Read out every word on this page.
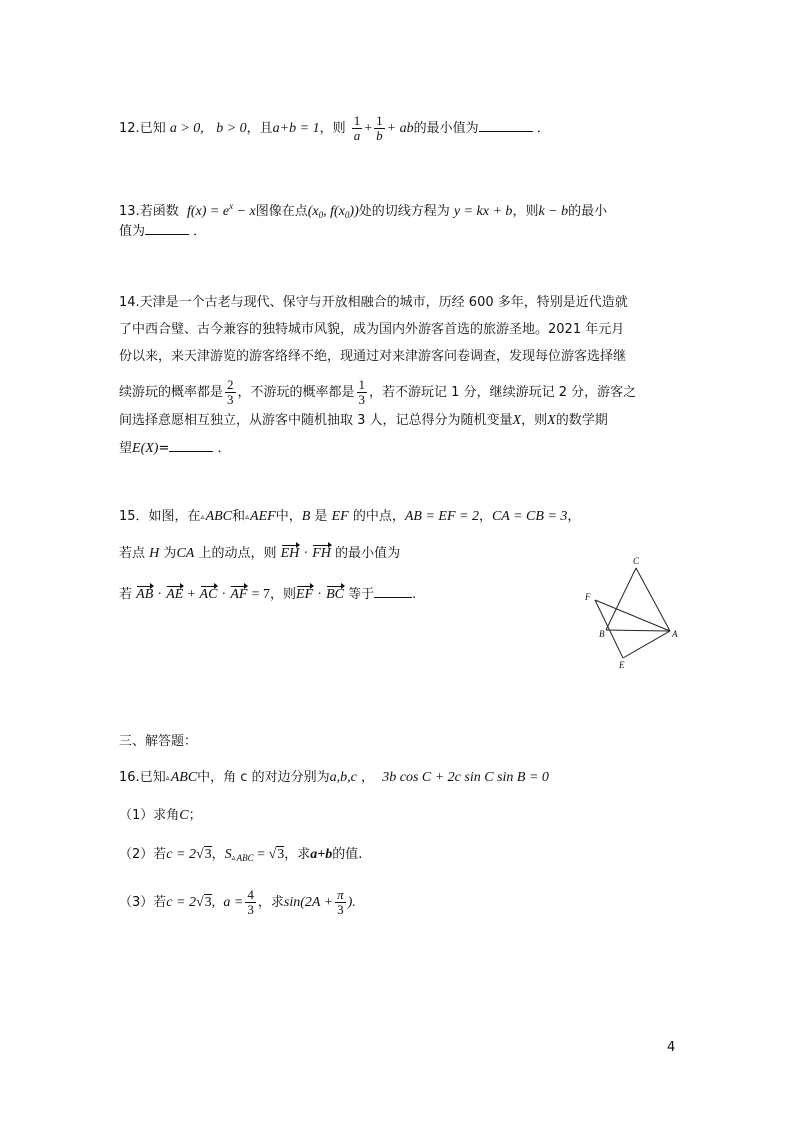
12.已知 a > 0, b > 0，且a+b = 1，则 $\frac{1}{a} + \frac{1}{b}$ + ab的最小值为	．
13.若函数 $f(x) = e^x - x$图像在点($x_0$, $f(x_0)$)处的切线方程为 y = kx + b，则k − b的最小
值为	．
14.天津是一个古老与现代、保守与开放相融合的城市，历经 600 多年，特别是近代造就
了中西合璧、古今兼容的独特城市风貌，成为国内外游客首选的旅游圣地。2021 年元月
份以来，来天津游览的游客络绎不绝，现通过对来津游客问卷调查，发现每位游客选择继
续游玩的概率都是 $\frac{2}{3}$ ，不游玩的概率都是 $\frac{1}{3}$ ，若不游玩记 1 分，继续游玩记 2 分，游客之
间选择意愿相互独立，从游客中随机抽取 3 人，记总得分为随机变量X，则X的数学期
望E(X)=	．
15．如图，在▵ABC和▵AEF中，B 是 EF 的中点，AB = EF = 2，CA = CB = 3，
若点 H 为CA 上的动点，则 EH · FH 的最小值为
若 AB · AE + AC · AF = 7，则EF · BC 等于	.
C
F
B	A
E
三、解答题：
16.已知▵ABC中，角 c 的对边分别为a,b,c ， 3b cos C + 2c sin C sin B = 0
（1）求角C；
（2）若c = 2√3，$S_{▵ABC} = √3$，求a+b的值.
（3）若c = 2√3, $a = \frac{4}{3}$ ，求$\sin(2A + \frac{\pi}{3}$ ).
4
